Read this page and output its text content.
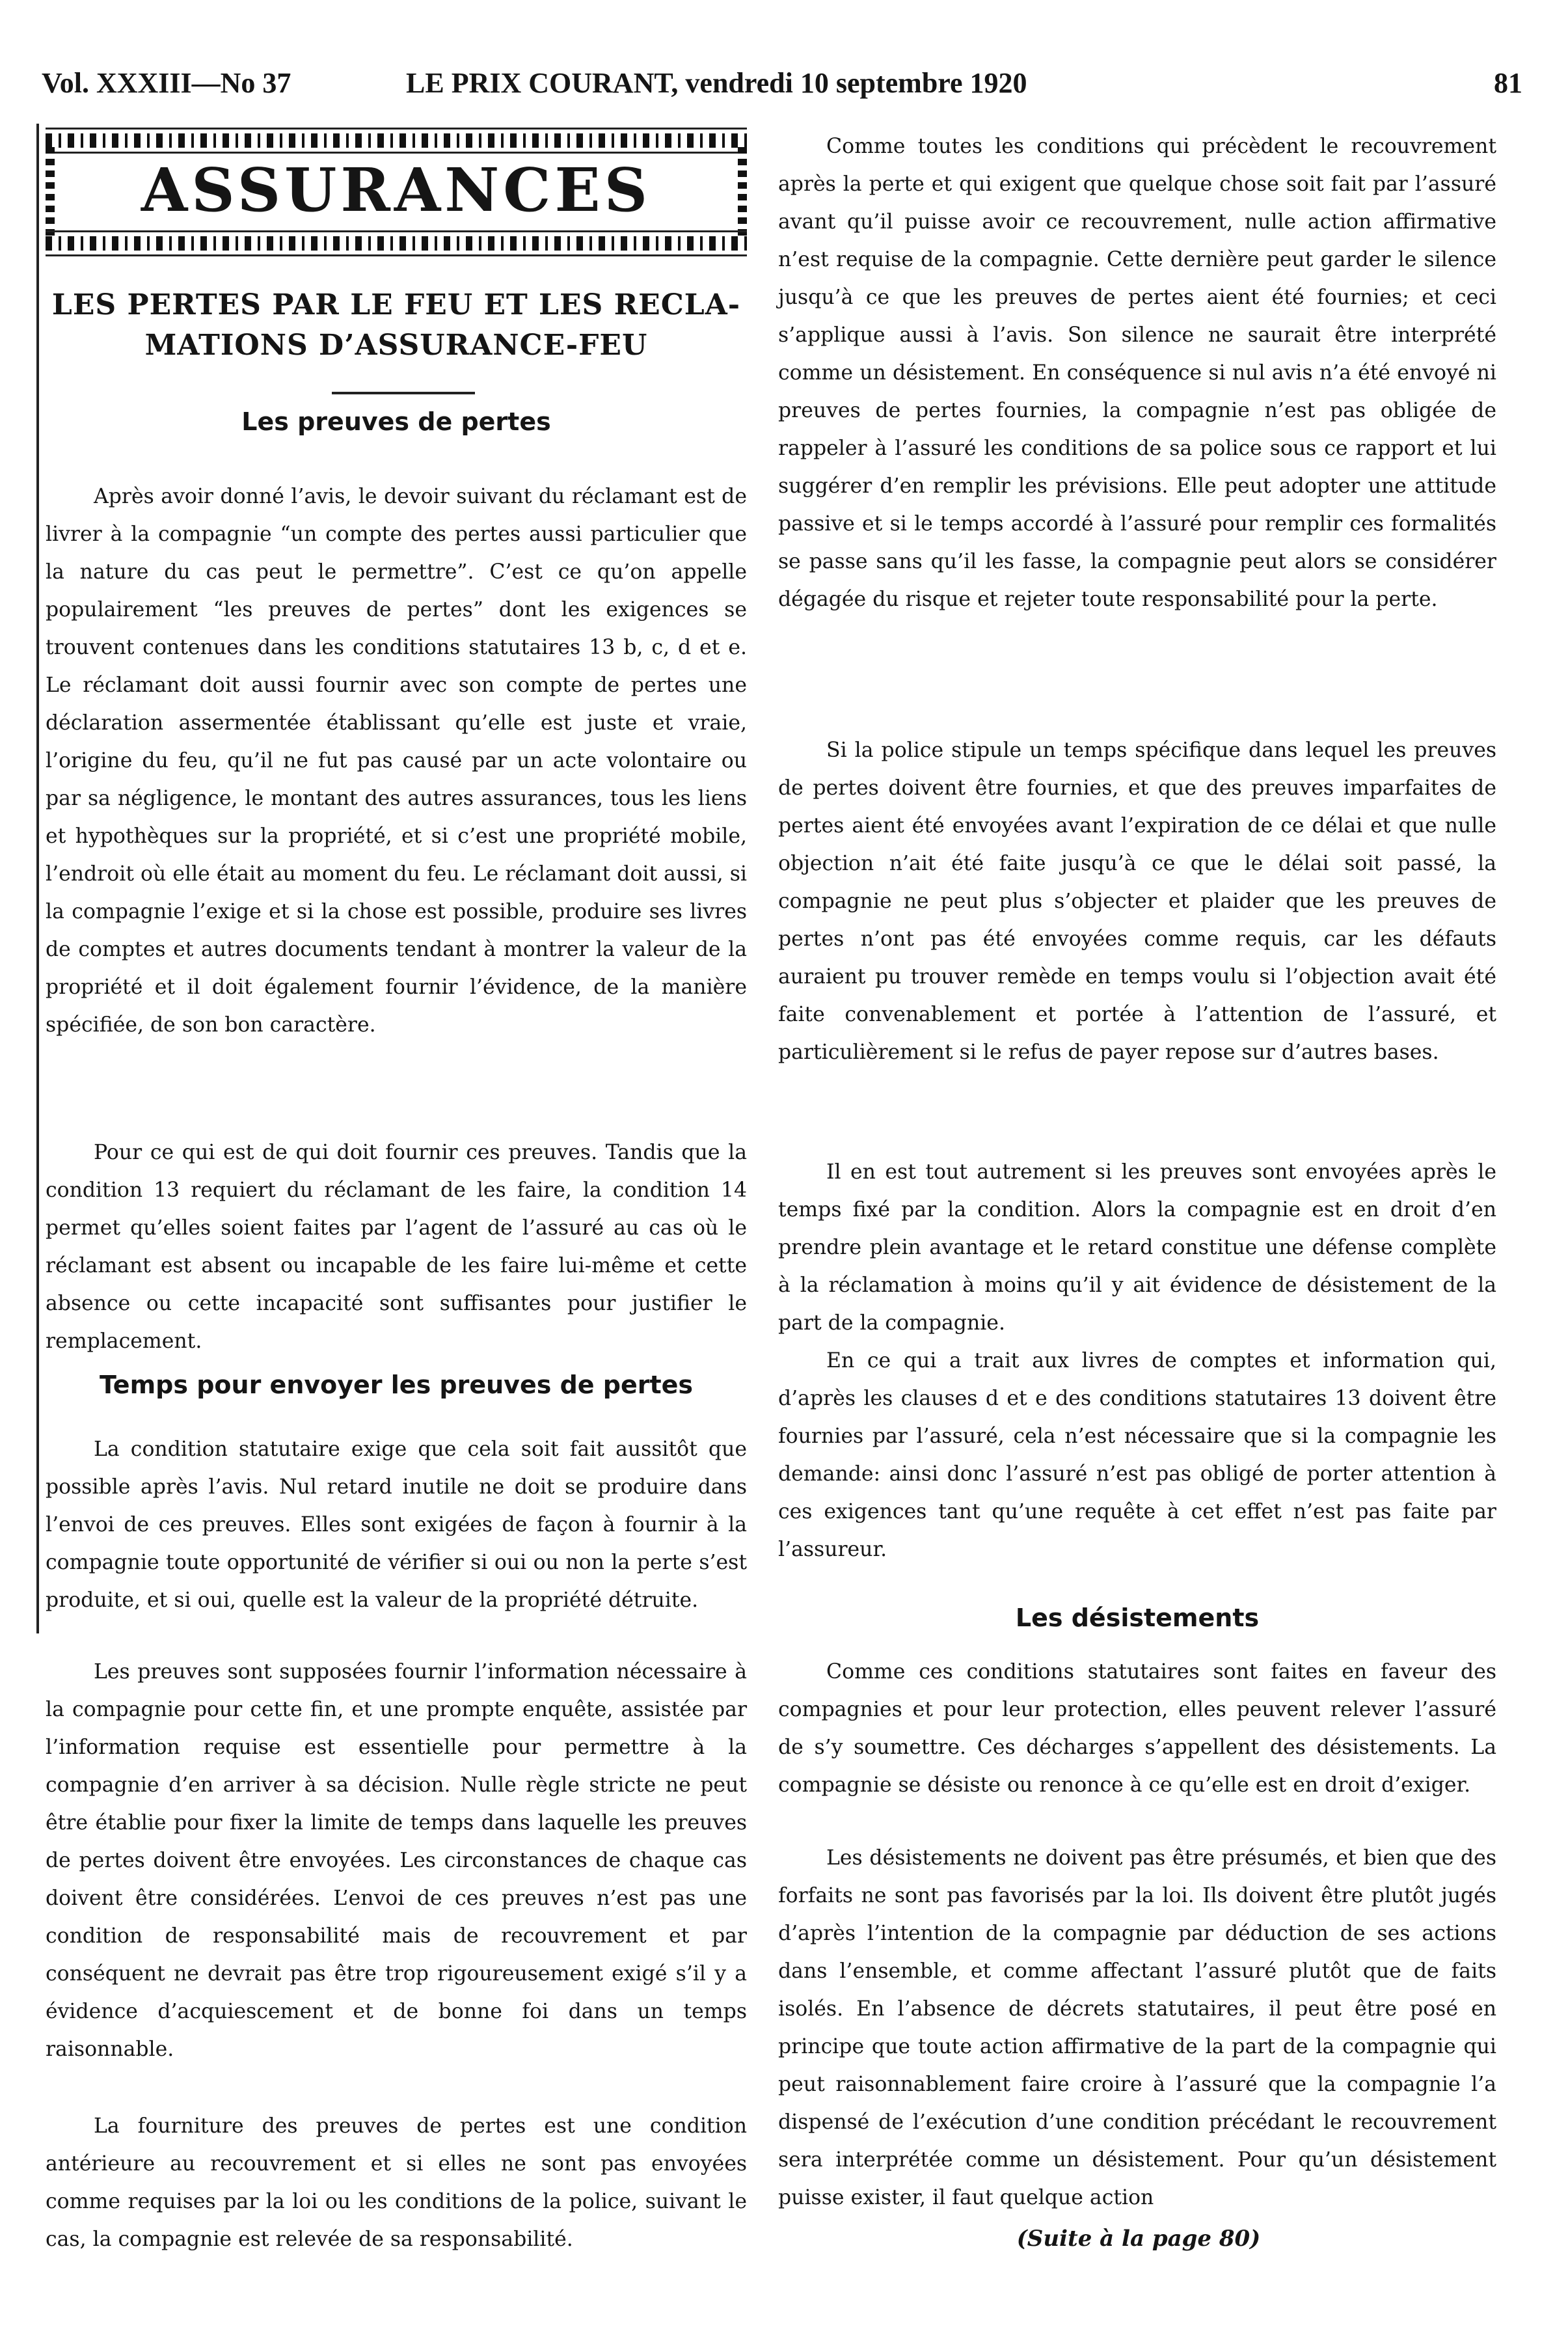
Vol. XXXIII—No 37	LE PRIX COURANT, vendredi 10 septembre 1920	81
ASSURANCES
LES PERTES PAR LE FEU ET LES RECLA-
MATIONS D’ASSURANCE-FEU
Les preuves de pertes

Après avoir donné l’avis, le devoir suivant du réclamant est de livrer à la compagnie “un compte des pertes aussi particulier que la nature du cas peut le permettre”. C’est ce qu’on appelle populairement “les preuves de pertes” dont les exigences se trouvent contenues dans les conditions statutaires 13 b, c, d et e. Le réclamant doit aussi fournir avec son compte de pertes une déclaration assermentée établissant qu’elle est juste et vraie, l’origine du feu, qu’il ne fut pas causé par un acte volontaire ou par sa négligence, le montant des autres assurances, tous les liens et hypothèques sur la propriété, et si c’est une propriété mobile, l’endroit où elle était au moment du feu. Le réclamant doit aussi, si la compagnie l’exige et si la chose est possible, produire ses livres de comptes et autres documents tendant à montrer la valeur de la propriété et il doit également fournir l’évidence, de la manière spécifiée, de son bon caractère.

Pour ce qui est de qui doit fournir ces preuves. Tandis que la condition 13 requiert du réclamant de les faire, la condition 14 permet qu’elles soient faites par l’agent de l’assuré au cas où le réclamant est absent ou incapable de les faire lui-même et cette absence ou cette incapacité sont suffisantes pour justifier le remplacement.

Temps pour envoyer les preuves de pertes

La condition statutaire exige que cela soit fait aussitôt que possible après l’avis. Nul retard inutile ne doit se produire dans l’envoi de ces preuves. Elles sont exigées de façon à fournir à la compagnie toute opportunité de vérifier si oui ou non la perte s’est produite, et si oui, quelle est la valeur de la propriété détruite.

Les preuves sont supposées fournir l’information nécessaire à la compagnie pour cette fin, et une prompte enquête, assistée par l’information requise est essentielle pour permettre à la compagnie d’en arriver à sa décision. Nulle règle stricte ne peut être établie pour fixer la limite de temps dans laquelle les preuves de pertes doivent être envoyées. Les circonstances de chaque cas doivent être considérées. L’envoi de ces preuves n’est pas une condition de responsabilité mais de recouvrement et par conséquent ne devrait pas être trop rigoureusement exigé s’il y a évidence d’acquiescement et de bonne foi dans un temps raisonnable.

La fourniture des preuves de pertes est une condition antérieure au recouvrement et si elles ne sont pas envoyées comme requises par la loi ou les conditions de la police, suivant le cas, la compagnie est relevée de sa responsabilité.

Comme toutes les conditions qui précèdent le recouvrement après la perte et qui exigent que quelque chose soit fait par l’assuré avant qu’il puisse avoir ce recouvrement, nulle action affirmative n’est requise de la compagnie. Cette dernière peut garder le silence jusqu’à ce que les preuves de pertes aient été fournies; et ceci s’applique aussi à l’avis. Son silence ne saurait être interprété comme un désistement. En conséquence si nul avis n’a été envoyé ni preuves de pertes fournies, la compagnie n’est pas obligée de rappeler à l’assuré les conditions de sa police sous ce rapport et lui suggérer d’en remplir les prévisions. Elle peut adopter une attitude passive et si le temps accordé à l’assuré pour remplir ces formalités se passe sans qu’il les fasse, la compagnie peut alors se considérer dégagée du risque et rejeter toute responsabilité pour la perte.

Si la police stipule un temps spécifique dans lequel les preuves de pertes doivent être fournies, et que des preuves imparfaites de pertes aient été envoyées avant l’expiration de ce délai et que nulle objection n’ait été faite jusqu’à ce que le délai soit passé, la compagnie ne peut plus s’objecter et plaider que les preuves de pertes n’ont pas été envoyées comme requis, car les défauts auraient pu trouver remède en temps voulu si l’objection avait été faite convenablement et portée à l’attention de l’assuré, et particulièrement si le refus de payer repose sur d’autres bases.

Il en est tout autrement si les preuves sont envoyées après le temps fixé par la condition. Alors la compagnie est en droit d’en prendre plein avantage et le retard constitue une défense complète à la réclamation à moins qu’il y ait évidence de désistement de la part de la compagnie.

En ce qui a trait aux livres de comptes et information qui, d’après les clauses d et e des conditions statutaires 13 doivent être fournies par l’assuré, cela n’est nécessaire que si la compagnie les demande: ainsi donc l’assuré n’est pas obligé de porter attention à ces exigences tant qu’une requête à cet effet n’est pas faite par l’assureur.

Les désistements

Comme ces conditions statutaires sont faites en faveur des compagnies et pour leur protection, elles peuvent relever l’assuré de s’y soumettre. Ces décharges s’appellent des désistements. La compagnie se désiste ou renonce à ce qu’elle est en droit d’exiger.

Les désistements ne doivent pas être présumés, et bien que des forfaits ne sont pas favorisés par la loi. Ils doivent être plutôt jugés d’après l’intention de la compagnie par déduction de ses actions dans l’ensemble, et comme affectant l’assuré plutôt que de faits isolés. En l’absence de décrets statutaires, il peut être posé en principe que toute action affirmative de la part de la compagnie qui peut raisonnablement faire croire à l’assuré que la compagnie l’a dispensé de l’exécution d’une condition précédant le recouvrement sera interprétée comme un désistement. Pour qu’un désistement puisse exister, il faut quelque action

(Suite à la page 80)
